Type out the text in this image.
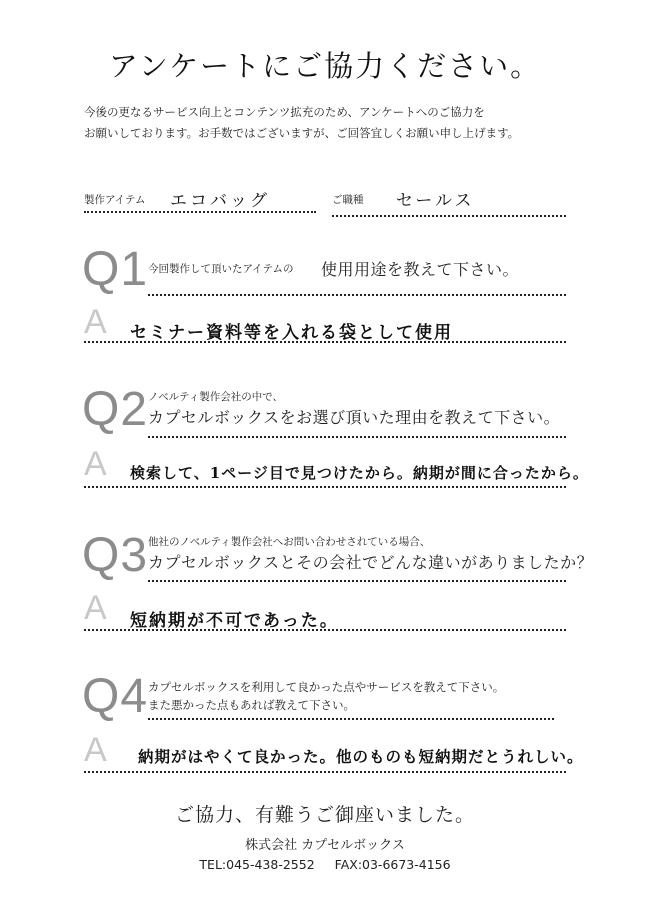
アンケートにご協力ください。
今後の更なるサービス向上とコンテンツ拡充のため、アンケートへのご協力を
お願いしております。お手数ではございますが、ご回答宜しくお願い申し上げます。
製作アイテム エコバッグ	ご職種 セールス
Q1 今回製作して頂いたアイテムの 使用用途を教えて下さい。
A セミナー資料等を入れる袋として使用
Q2 ノベルティ製作会社の中で、
カプセルボックスをお選び頂いた理由を教えて下さい。
A 検索して、1ページ目で見つけたから。納期が間に合ったから。
Q3 他社のノベルティ製作会社へお問い合わせされている場合、
カプセルボックスとその会社でどんな違いがありましたか？
A 短納期が不可であった。
Q4 カプセルボックスを利用して良かった点やサービスを教えて下さい。
また悪かった点もあれば教えて下さい。
A 納期がはやくて良かった。他のものも短納期だとうれしい。
ご協力、有難うご御座いました。
株式会社 カプセルボックス
TEL:045-438-2552 FAX:03-6673-4156
